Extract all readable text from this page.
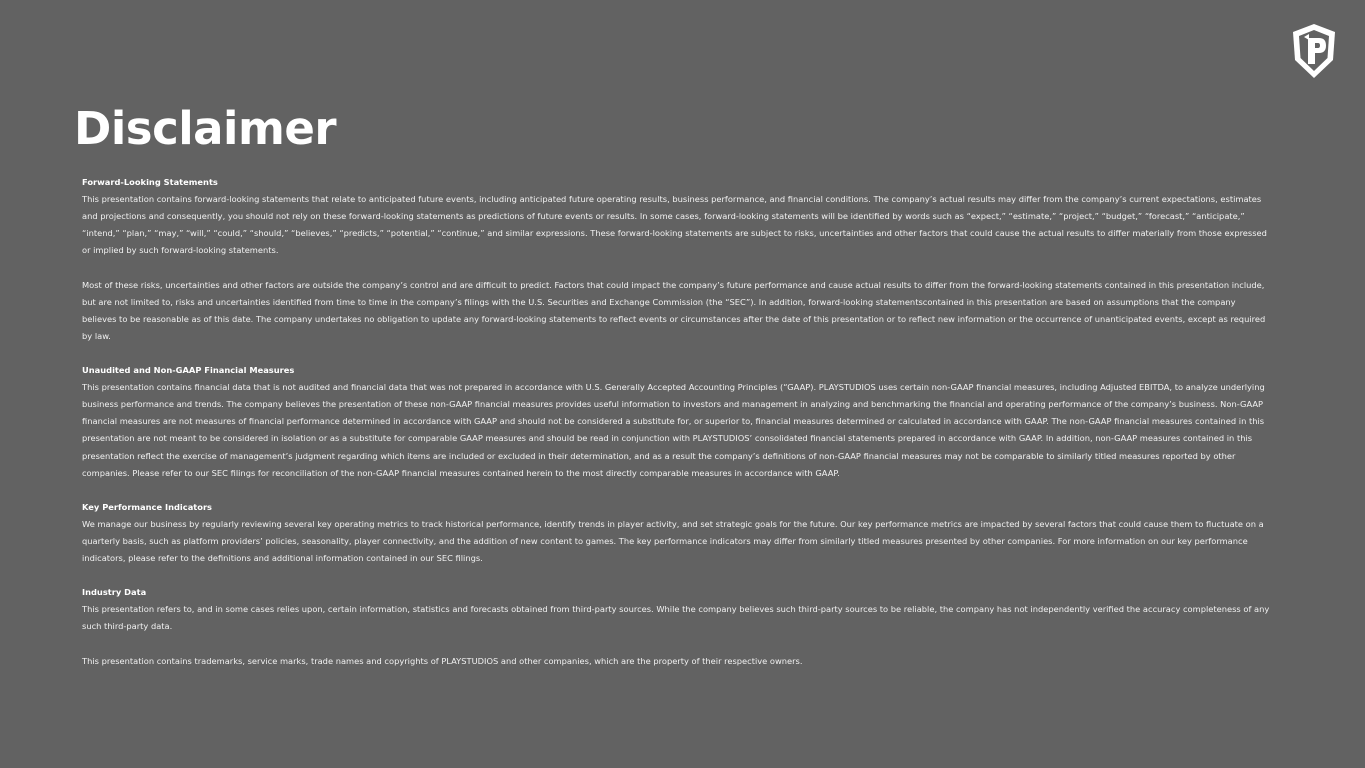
Disclaimer
Forward-Looking Statements

This presentation contains forward-looking statements that relate to anticipated future events, including anticipated future operating results, business performance, and financial conditions. The company’s actual results may differ from the company’s current expectations, estimates and projections and consequently, you should not rely on these forward-looking statements as predictions of future events or results. In some cases, forward-looking statements will be identified by words such as “expect,” “estimate,” “project,” “budget,” “forecast,” “anticipate,” “intend,” “plan,” “may,” “will,” “could,” “should,” “believes,” “predicts,” “potential,” “continue,” and similar expressions. These forward-looking statements are subject to risks, uncertainties and other factors that could cause the actual results to differ materially from those expressed or implied by such forward-looking statements.

Most of these risks, uncertainties and other factors are outside the company’s control and are difficult to predict. Factors that could impact the company’s future performance and cause actual results to differ from the forward-looking statements contained in this presentation include, but are not limited to, risks and uncertainties identified from time to time in the company’s filings with the U.S. Securities and Exchange Commission (the “SEC”). In addition, forward-looking statementscontained in this presentation are based on assumptions that the company believes to be reasonable as of this date. The company undertakes no obligation to update any forward-looking statements to reflect events or circumstances after the date of this presentation or to reflect new information or the occurrence of unanticipated events, except as required by law.

Unaudited and Non-GAAP Financial Measures

This presentation contains financial data that is not audited and financial data that was not prepared in accordance with U.S. Generally Accepted Accounting Principles (“GAAP). PLAYSTUDIOS uses certain non-GAAP financial measures, including Adjusted EBITDA, to analyze underlying business performance and trends. The company believes the presentation of these non-GAAP financial measures provides useful information to investors and management in analyzing and benchmarking the financial and operating performance of the company’s business. Non-GAAP financial measures are not measures of financial performance determined in accordance with GAAP and should not be considered a substitute for, or superior to, financial measures determined or calculated in accordance with GAAP. The non-GAAP financial measures contained in this presentation are not meant to be considered in isolation or as a substitute for comparable GAAP measures and should be read in conjunction with PLAYSTUDIOS’ consolidated financial statements prepared in accordance with GAAP. In addition, non-GAAP measures contained in this presentation reflect the exercise of management’s judgment regarding which items are included or excluded in their determination, and as a result the company’s definitions of non-GAAP financial measures may not be comparable to similarly titled measures reported by other companies. Please refer to our SEC filings for reconciliation of the non-GAAP financial measures contained herein to the most directly comparable measures in accordance with GAAP.

Key Performance Indicators

We manage our business by regularly reviewing several key operating metrics to track historical performance, identify trends in player activity, and set strategic goals for the future. Our key performance metrics are impacted by several factors that could cause them to fluctuate on a quarterly basis, such as platform providers’ policies, seasonality, player connectivity, and the addition of new content to games. The key performance indicators may differ from similarly titled measures presented by other companies. For more information on our key performance indicators, please refer to the definitions and additional information contained in our SEC filings.

Industry Data

This presentation refers to, and in some cases relies upon, certain information, statistics and forecasts obtained from third-party sources. While the company believes such third-party sources to be reliable, the company has not independently verified the accuracy completeness of any such third-party data.

This presentation contains trademarks, service marks, trade names and copyrights of PLAYSTUDIOS and other companies, which are the property of their respective owners.
